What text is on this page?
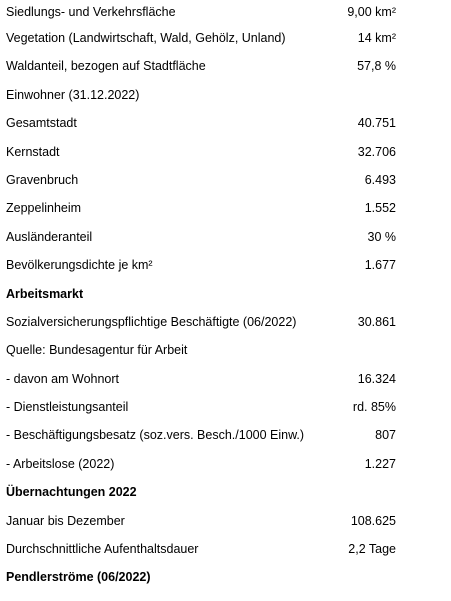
Siedlungs- und Verkehrsfläche	9,00 km²
Vegetation (Landwirtschaft, Wald, Gehölz, Unland)	14 km²
Waldanteil, bezogen auf Stadtfläche	57,8 %
Einwohner (31.12.2022)
Gesamtstadt	40.751
Kernstadt	32.706
Gravenbruch	6.493
Zeppelinheim	1.552
Ausländeranteil	30 %
Bevölkerungsdichte je km²	1.677
Arbeitsmarkt
Sozialversicherungspflichtige Beschäftigte (06/2022)	30.861
Quelle: Bundesagentur für Arbeit
- davon am Wohnort	16.324
- Dienstleistungsanteil	rd. 85%
- Beschäftigungsbesatz (soz.vers. Besch./1000 Einw.)	807
- Arbeitslose (2022)	1.227
Übernachtungen 2022
Januar bis Dezember	108.625
Durchschnittliche Aufenthaltsdauer	2,2 Tage
Pendlerströme (06/2022)
